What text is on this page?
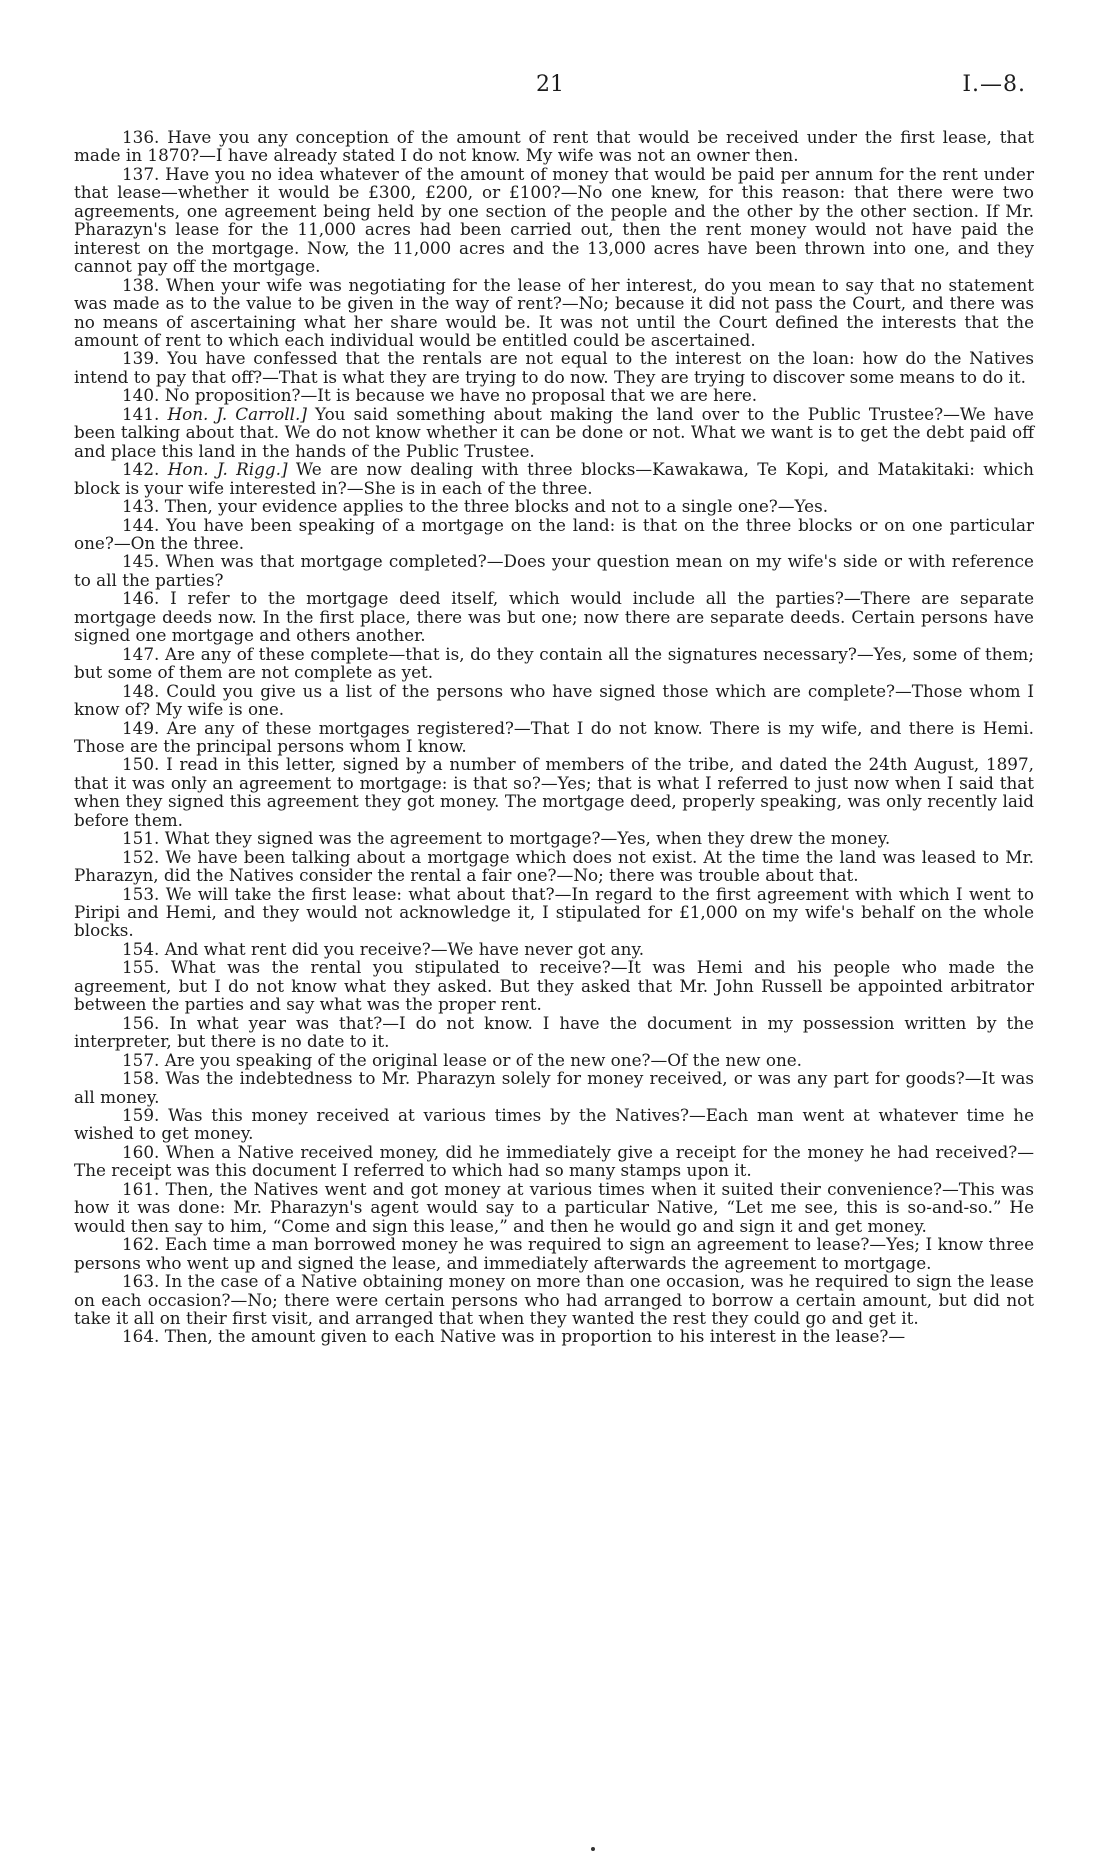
21	I.—8.

136. Have you any conception of the amount of rent that would be received under the first lease, that made in 1870?—I have already stated I do not know. My wife was not an owner then.

137. Have you no idea whatever of the amount of money that would be paid per annum for the rent under that lease—whether it would be £300, £200, or £100?—No one knew, for this reason: that there were two agreements, one agreement being held by one section of the people and the other by the other section. If Mr. Pharazyn's lease for the 11,000 acres had been carried out, then the rent money would not have paid the interest on the mortgage. Now, the 11,000 acres and the 13,000 acres have been thrown into one, and they cannot pay off the mortgage.

138. When your wife was negotiating for the lease of her interest, do you mean to say that no statement was made as to the value to be given in the way of rent?—No; because it did not pass the Court, and there was no means of ascertaining what her share would be. It was not until the Court defined the interests that the amount of rent to which each individual would be entitled could be ascertained.

139. You have confessed that the rentals are not equal to the interest on the loan: how do the Natives intend to pay that off?—That is what they are trying to do now. They are trying to discover some means to do it.

140. No proposition?—It is because we have no proposal that we are here.

141. Hon. J. Carroll.] You said something about making the land over to the Public Trustee?—We have been talking about that. We do not know whether it can be done or not. What we want is to get the debt paid off and place this land in the hands of the Public Trustee.

142. Hon. J. Rigg.] We are now dealing with three blocks—Kawakawa, Te Kopi, and Matakitaki: which block is your wife interested in?—She is in each of the three.

143. Then, your evidence applies to the three blocks and not to a single one?—Yes.

144. You have been speaking of a mortgage on the land: is that on the three blocks or on one particular one?—On the three.

145. When was that mortgage completed?—Does your question mean on my wife's side or with reference to all the parties?

146. I refer to the mortgage deed itself, which would include all the parties?—There are separate mortgage deeds now. In the first place, there was but one; now there are separate deeds. Certain persons have signed one mortgage and others another.

147. Are any of these complete—that is, do they contain all the signatures necessary?—Yes, some of them; but some of them are not complete as yet.

148. Could you give us a list of the persons who have signed those which are complete?—Those whom I know of? My wife is one.

149. Are any of these mortgages registered?—That I do not know. There is my wife, and there is Hemi. Those are the principal persons whom I know.

150. I read in this letter, signed by a number of members of the tribe, and dated the 24th August, 1897, that it was only an agreement to mortgage: is that so?—Yes; that is what I referred to just now when I said that when they signed this agreement they got money. The mortgage deed, properly speaking, was only recently laid before them.

151. What they signed was the agreement to mortgage?—Yes, when they drew the money.

152. We have been talking about a mortgage which does not exist. At the time the land was leased to Mr. Pharazyn, did the Natives consider the rental a fair one?—No; there was trouble about that.

153. We will take the first lease: what about that?—In regard to the first agreement with which I went to Piripi and Hemi, and they would not acknowledge it, I stipulated for £1,000 on my wife's behalf on the whole blocks.

154. And what rent did you receive?—We have never got any.

155. What was the rental you stipulated to receive?—It was Hemi and his people who made the agreement, but I do not know what they asked. But they asked that Mr. John Russell be appointed arbitrator between the parties and say what was the proper rent.

156. In what year was that?—I do not know. I have the document in my possession written by the interpreter, but there is no date to it.

157. Are you speaking of the original lease or of the new one?—Of the new one.

158. Was the indebtedness to Mr. Pharazyn solely for money received, or was any part for goods?—It was all money.

159. Was this money received at various times by the Natives?—Each man went at whatever time he wished to get money.

160. When a Native received money, did he immediately give a receipt for the money he had received?—The receipt was this document I referred to which had so many stamps upon it.

161. Then, the Natives went and got money at various times when it suited their convenience?—This was how it was done: Mr. Pharazyn's agent would say to a particular Native, “Let me see, this is so-and-so.” He would then say to him, “Come and sign this lease,” and then he would go and sign it and get money.

162. Each time a man borrowed money he was required to sign an agreement to lease?—Yes; I know three persons who went up and signed the lease, and immediately afterwards the agreement to mortgage.

163. In the case of a Native obtaining money on more than one occasion, was he required to sign the lease on each occasion?—No; there were certain persons who had arranged to borrow a certain amount, but did not take it all on their first visit, and arranged that when they wanted the rest they could go and get it.

164. Then, the amount given to each Native was in proportion to his interest in the lease?—
